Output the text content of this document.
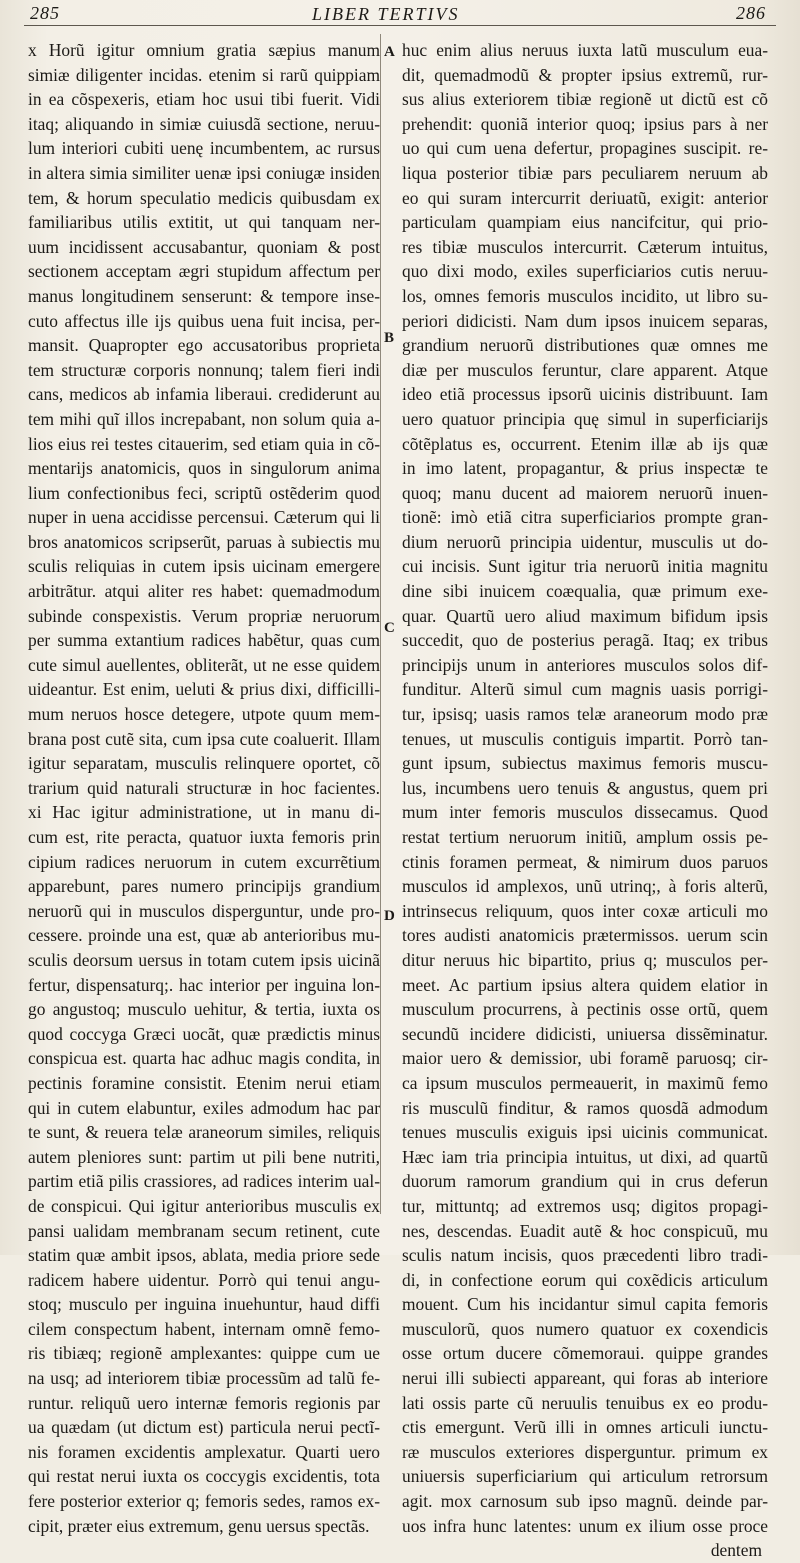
285	LIBER TERTIVS	286
x Horũ igitur omnium gratia sæpius manum
simiæ diligenter incidas. etenim si rarũ quippiam
in ea cõspexeris, etiam hoc usui tibi fuerit. Vidi
itaq; aliquando in simiæ cuiusdã sectione, neruu-
lum interiori cubiti uenę incumbentem, ac rursus
in altera simia similiter uenæ ipsi coniugæ insiden
tem, & horum speculatio medicis quibusdam ex
familiaribus utilis extitit, ut qui tanquam ner-
uum incidissent accusabantur, quoniam & post
sectionem acceptam ægri stupidum affectum per
manus longitudinem senserunt: & tempore inse-
cuto affectus ille ijs quibus uena fuit incisa, per-
mansit. Quapropter ego accusatoribus proprieta
tem structuræ corporis nonnunq; talem fieri indi
cans, medicos ab infamia liberaui. crediderunt au
tem mihi quĩ illos increpabant, non solum quia a-
lios eius rei testes citauerim, sed etiam quia in cõ-
mentarijs anatomicis, quos in singulorum anima
lium confectionibus feci, scriptũ ostẽderim quod
nuper in uena accidisse percensui. Cæterum qui li
bros anatomicos scripserũt, paruas à subiectis mu
sculis reliquias in cutem ipsis uicinam emergere
arbitrãtur. atqui aliter res habet: quemadmodum
subinde conspexistis. Verum propriæ neruorum
per summa extantium radices habẽtur, quas cum
cute simul auellentes, obliterãt, ut ne esse quidem
uideantur. Est enim, ueluti & prius dixi, difficilli-
mum neruos hosce detegere, utpote quum mem-
brana post cutẽ sita, cum ipsa cute coaluerit. Illam
igitur separatam, musculis relinquere oportet, cõ
trarium quid naturali structuræ in hoc facientes.
xi Hac igitur administratione, ut in manu di-
cum est, rite peracta, quatuor iuxta femoris prin
cipium radices neruorum in cutem excurrẽtium
apparebunt, pares numero principijs grandium
neruorũ qui in musculos disperguntur, unde pro-
cessere. proinde una est, quæ ab anterioribus mu-
sculis deorsum uersus in totam cutem ipsis uicinã
fertur, dispensaturq;. hac interior per inguina lon-
go angustoq; musculo uehitur, & tertia, iuxta os
quod coccyga Græci uocãt, quæ prædictis minus
conspicua est. quarta hac adhuc magis condita, in
pectinis foramine consistit. Etenim nerui etiam
qui in cutem elabuntur, exiles admodum hac par
te sunt, & reuera telæ araneorum similes, reliquis
autem pleniores sunt: partim ut pili bene nutriti,
partim etiã pilis crassiores, ad radices interim ual-
de conspicui. Qui igitur anterioribus musculis ex
pansi ualidam membranam secum retinent, cute
statim quæ ambit ipsos, ablata, media priore sede
radicem habere uidentur. Porrò qui tenui angu-
stoq; musculo per inguina inuehuntur, haud diffi
cilem conspectum habent, internam omnẽ femo-
ris tibiæq; regionẽ amplexantes: quippe cum ue
na usq; ad interiorem tibiæ processũm ad talũ fe-
runtur. reliquũ uero internæ femoris regionis par
ua quædam (ut dictum est) particula nerui pectĩ-
nis foramen excidentis amplexatur. Quarti uero
qui restat nerui iuxta os coccygis excidentis, tota
fere posterior exterior q; femoris sedes, ramos ex-
cipit, præter eius extremum, genu uersus spectãs.
A
B
C
D
huc enim alius neruus iuxta latũ musculum eua-
dit, quemadmodũ & propter ipsius extremũ, rur-
sus alius exteriorem tibiæ regionẽ ut dictũ est cõ
prehendit: quoniã interior quoq; ipsius pars à ner
uo qui cum uena defertur, propagines suscipit. re-
liqua posterior tibiæ pars peculiarem neruum ab
eo qui suram intercurrit deriuatũ, exigit: anterior
particulam quampiam eius nancifcitur, qui prio-
res tibiæ musculos intercurrit. Cæterum intuitus,
quo dixi modo, exiles superficiarios cutis neruu-
los, omnes femoris musculos incidito, ut libro su-
periori didicisti. Nam dum ipsos inuicem separas,
grandium neruorũ distributiones quæ omnes me
diæ per musculos feruntur, clare apparent. Atque
ideo etiã processus ipsorũ uicinis distribuunt. Iam
uero quatuor principia quę simul in superficiarijs
cõtẽplatus es, occurrent. Etenim illæ ab ijs quæ
in imo latent, propagantur, & prius inspectæ te
quoq; manu ducent ad maiorem neruorũ inuen-
tionẽ: imò etiã citra superficiarios prompte gran-
dium neruorũ principia uidentur, musculis ut do-
cui incisis. Sunt igitur tria neruorũ initia magnitu
dine sibi inuicem coæqualia, quæ primum exe-
quar. Quartũ uero aliud maximum bifidum ipsis
succedit, quo de posterius peragã. Itaq; ex tribus
principijs unum in anteriores musculos solos dif-
funditur. Alterũ simul cum magnis uasis porrigi-
tur, ipsisq; uasis ramos telæ araneorum modo præ
tenues, ut musculis contiguis impartit. Porrò tan-
gunt ipsum, subiectus maximus femoris muscu-
lus, incumbens uero tenuis & angustus, quem pri
mum inter femoris musculos dissecamus. Quod
restat tertium neruorum initiũ, amplum ossis pe-
ctinis foramen permeat, & nimirum duos paruos
musculos id amplexos, unũ utrinq;, à foris alterũ,
intrinsecus reliquum, quos inter coxæ articuli mo
tores audisti anatomicis prætermissos. uerum scin
ditur neruus hic bipartito, prius q; musculos per-
meet. Ac partium ipsius altera quidem elatior in
musculum procurrens, à pectinis osse ortũ, quem
secundũ incidere didicisti, uniuersa dissẽminatur.
maior uero & demissior, ubi foramẽ paruosq; cir-
ca ipsum musculos permeauerit, in maximũ femo
ris musculũ finditur, & ramos quosdã admodum
tenues musculis exiguis ipsi uicinis communicat.
Hæc iam tria principia intuitus, ut dixi, ad quartũ
duorum ramorum grandium qui in crus deferun
tur, mittuntq; ad extremos usq; digitos propagi-
nes, descendas. Euadit autẽ & hoc conspicuũ, mu
sculis natum incisis, quos præcedenti libro tradi-
di, in confectione eorum qui coxẽdicis articulum
mouent. Cum his incidantur simul capita femoris
musculorũ, quos numero quatuor ex coxendicis
osse ortum ducere cõmemoraui. quippe grandes
nerui illi subiecti appareant, qui foras ab interiore
lati ossis parte cũ neruulis tenuibus ex eo produ-
ctis emergunt. Verũ illi in omnes articuli iunctu-
ræ musculos exteriores disperguntur. primum ex
uniuersis superficiarium qui articulum retrorsum
agit. mox carnosum sub ipso magnũ. deinde par-
uos infra hunc latentes: unum ex ilium osse proce
dentem
